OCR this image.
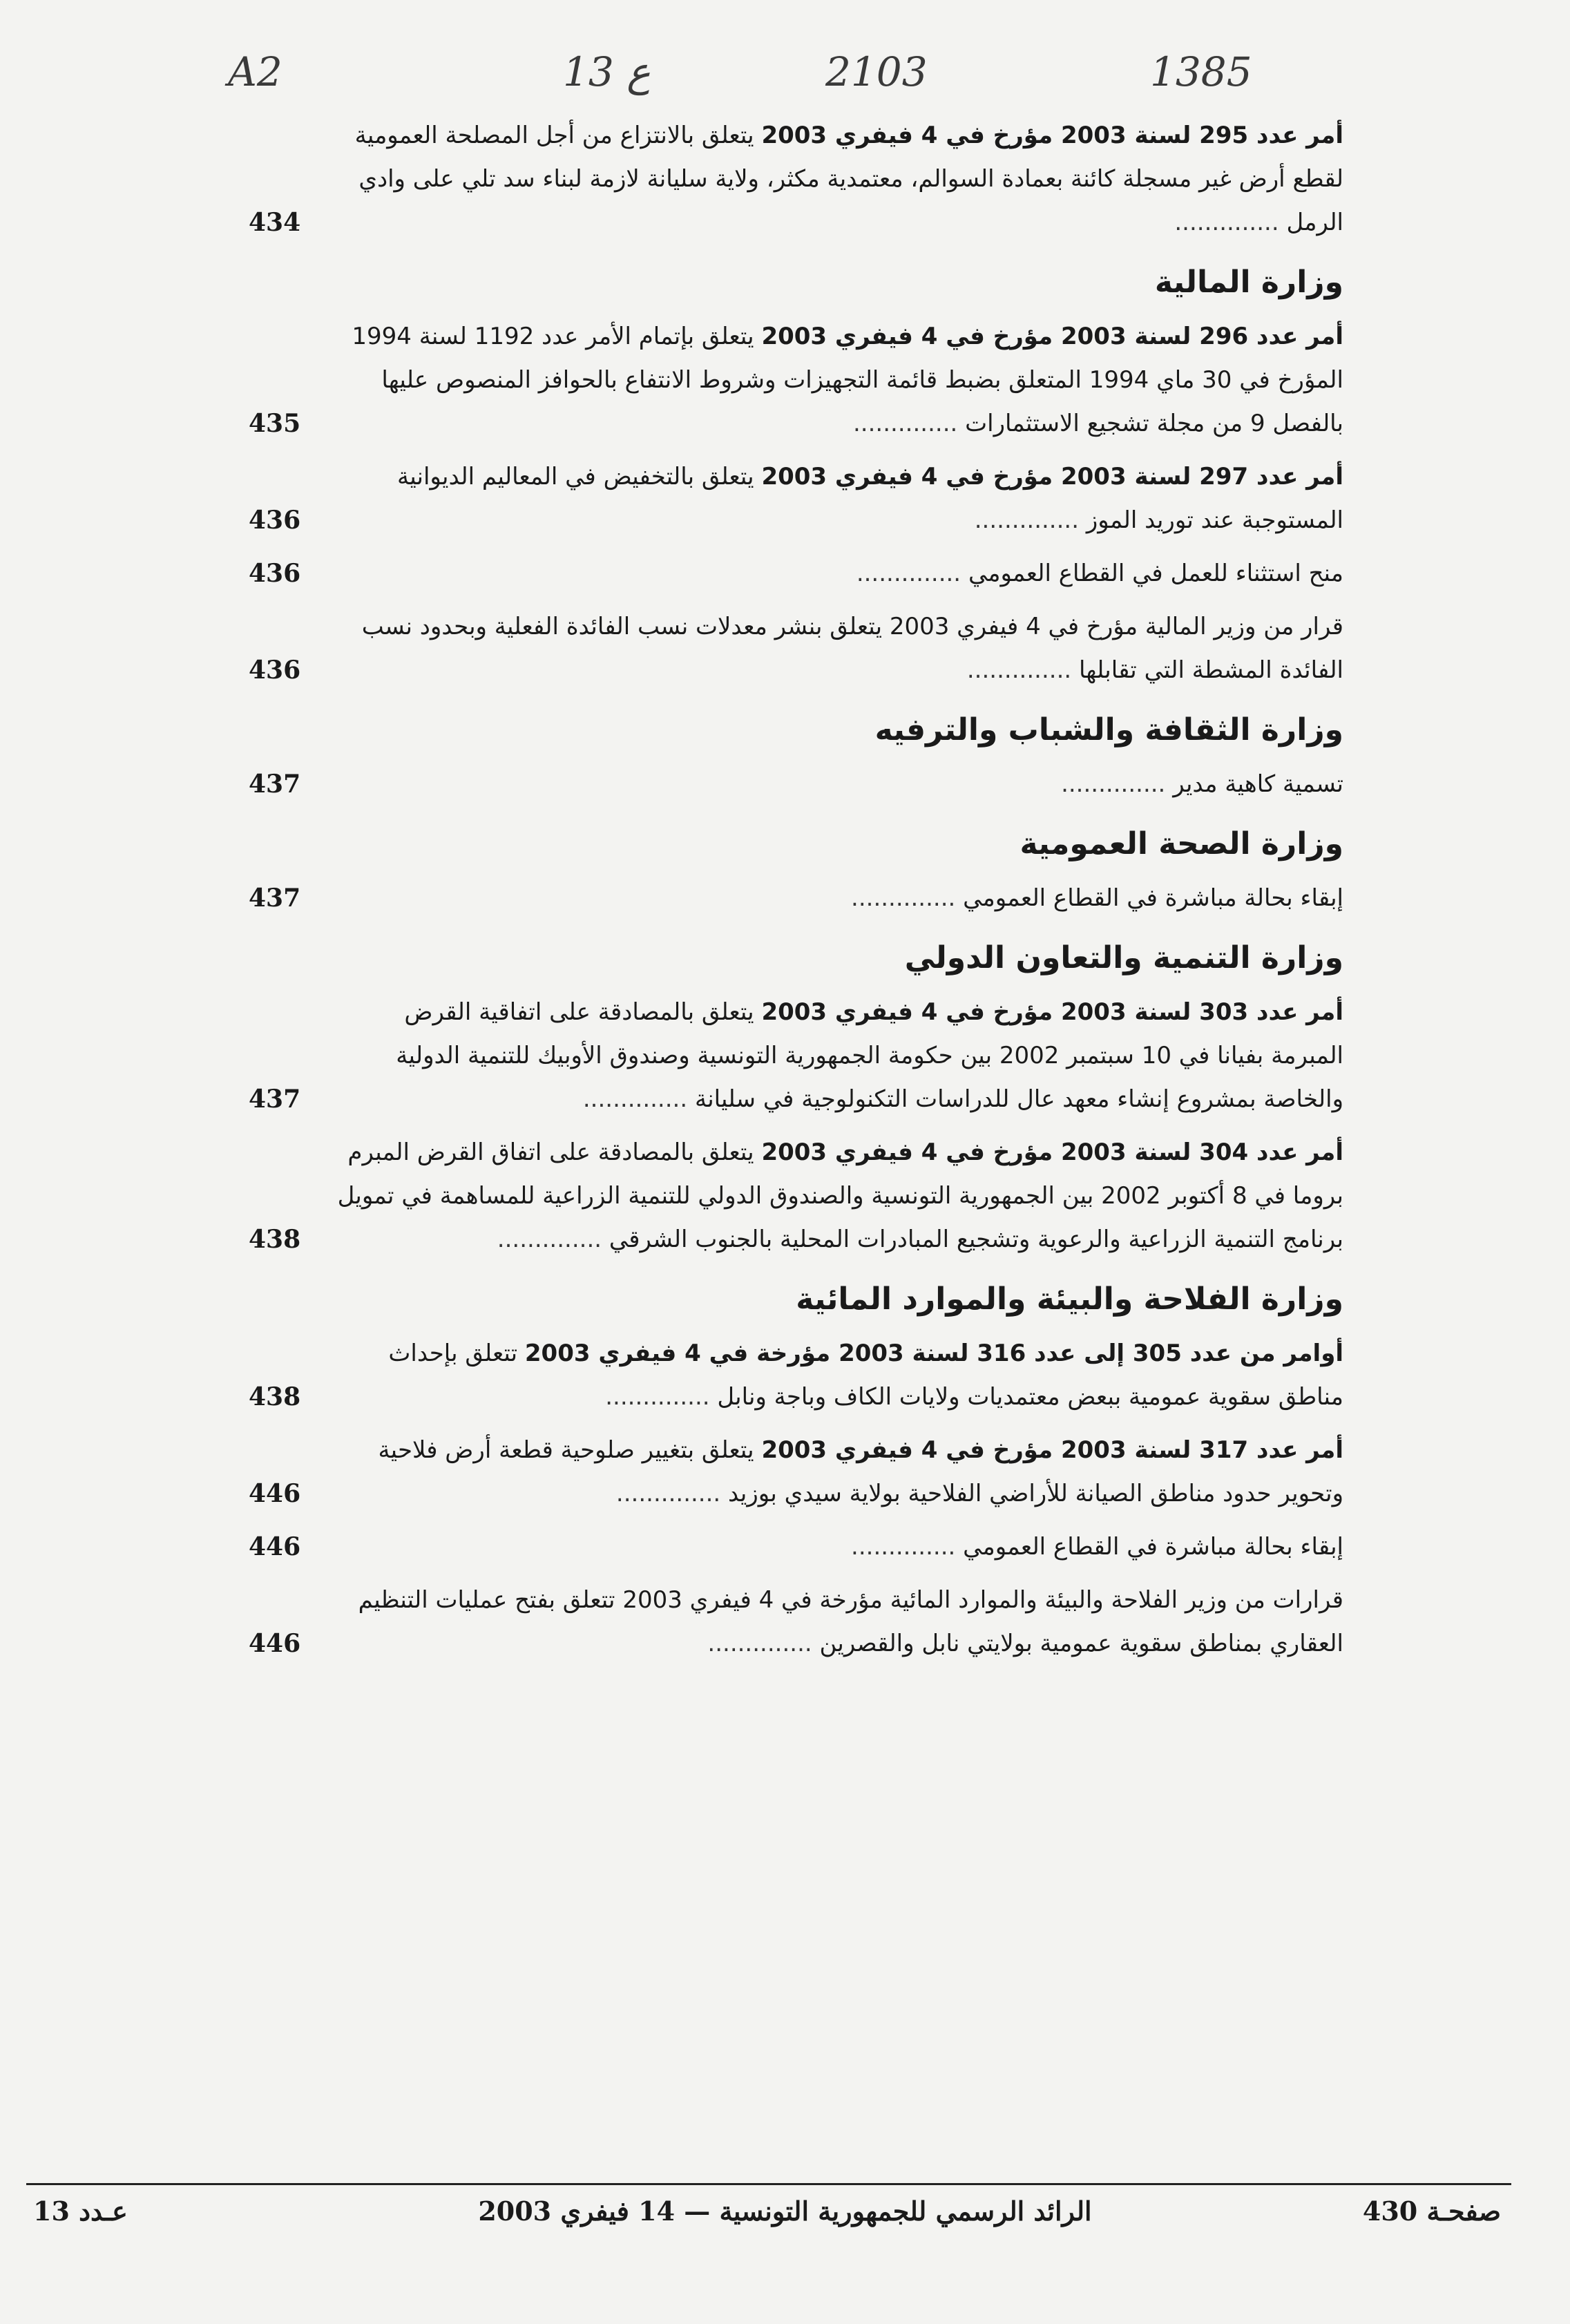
A2	13 ع	2103	1385
أمر عدد 295 لسنة 2003 مؤرخ في 4 فيفري 2003 يتعلق بالانتزاع من أجل المصلحة العمومية لقطع أرض غير مسجلة كائنة بعمادة السوالم، معتمدية مكثر، ولاية سليانة لازمة لبناء سد تلي على وادي الرمل ..............
434
وزارة المالية
أمر عدد 296 لسنة 2003 مؤرخ في 4 فيفري 2003 يتعلق بإتمام الأمر عدد 1192 لسنة 1994 المؤرخ في 30 ماي 1994 المتعلق بضبط قائمة التجهيزات وشروط الانتفاع بالحوافز المنصوص عليها بالفصل 9 من مجلة تشجيع الاستثمارات ..............
435
أمر عدد 297 لسنة 2003 مؤرخ في 4 فيفري 2003 يتعلق بالتخفيض في المعاليم الديوانية المستوجبة عند توريد الموز ..............
436
منح استثناء للعمل في القطاع العمومي ..............
436
قرار من وزير المالية مؤرخ في 4 فيفري 2003 يتعلق بنشر معدلات نسب الفائدة الفعلية وبحدود نسب الفائدة المشطة التي تقابلها ..............
436
وزارة الثقافة والشباب والترفيه
تسمية كاهية مدير ..............
437
وزارة الصحة العمومية
إبقاء بحالة مباشرة في القطاع العمومي ..............
437
وزارة التنمية والتعاون الدولي
أمر عدد 303 لسنة 2003 مؤرخ في 4 فيفري 2003 يتعلق بالمصادقة على اتفاقية القرض المبرمة بفيانا في 10 سبتمبر 2002 بين حكومة الجمهورية التونسية وصندوق الأوبيك للتنمية الدولية والخاصة بمشروع إنشاء معهد عال للدراسات التكنولوجية في سليانة ..............
437
أمر عدد 304 لسنة 2003 مؤرخ في 4 فيفري 2003 يتعلق بالمصادقة على اتفاق القرض المبرم بروما في 8 أكتوبر 2002 بين الجمهورية التونسية والصندوق الدولي للتنمية الزراعية للمساهمة في تمويل برنامج التنمية الزراعية والرعوية وتشجيع المبادرات المحلية بالجنوب الشرقي ..............
438
وزارة الفلاحة والبيئة والموارد المائية
أوامر من عدد 305 إلى عدد 316 لسنة 2003 مؤرخة في 4 فيفري 2003 تتعلق بإحداث مناطق سقوية عمومية ببعض معتمديات ولايات الكاف وباجة ونابل ..............
438
أمر عدد 317 لسنة 2003 مؤرخ في 4 فيفري 2003 يتعلق بتغيير صلوحية قطعة أرض فلاحية وتحوير حدود مناطق الصيانة للأراضي الفلاحية بولاية سيدي بوزيد ..............
446
إبقاء بحالة مباشرة في القطاع العمومي ..............
446
قرارات من وزير الفلاحة والبيئة والموارد المائية مؤرخة في 4 فيفري 2003 تتعلق بفتح عمليات التنظيم العقاري بمناطق سقوية عمومية بولايتي نابل والقصرين ..............
446
صفحـة 430
الرائد الرسمي للجمهورية التونسية — 14 فيفري 2003
عـدد 13
